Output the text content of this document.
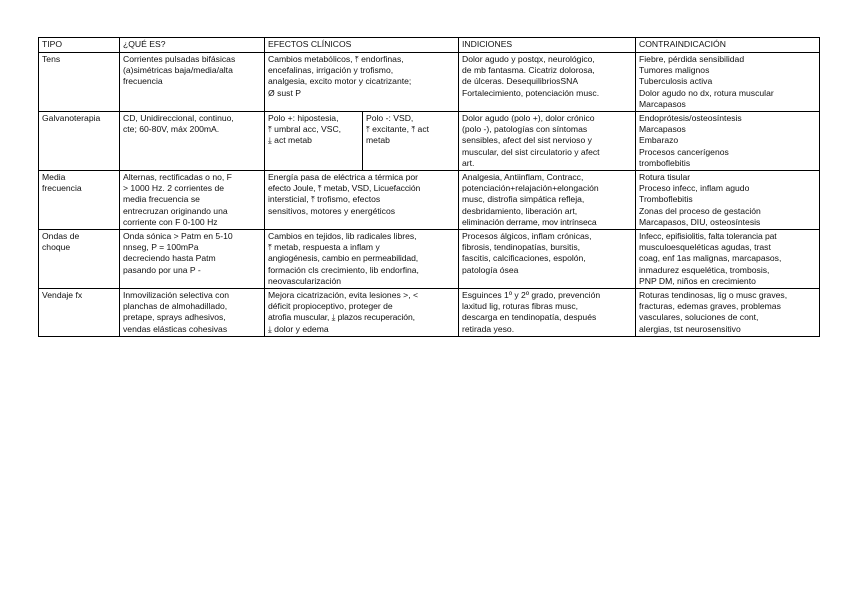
TIPO	¿QUÉ ES?	EFECTOS CLÍNICOS		INDICIONES	CONTRAINDICACIÓN
Tens	Corrientes pulsadas bifásicas
(a)simétricas baja/media/alta
frecuencia	Cambios metabólicos, ⤒ endorfinas,
encefalinas, irrigación y trofismo,
analgesia, excito motor y cicatrizante;
Ø sust P		Dolor agudo y postqx, neurológico,
de mb fantasma. Cicatriz dolorosa,
de úlceras. DesequilibriosSNA
Fortalecimiento, potenciación musc.	Fiebre, pérdida sensibilidad
Tumores malignos
Tuberculosis activa
Dolor agudo no dx, rotura muscular
Marcapasos

Galvanoterapia	CD, Unidireccional, continuo,
cte; 60-80V, máx 200mA.	Polo +: hipostesia,
⤒ umbral acc, VSC,
⤓ act metab	Polo -: VSD,
⤒ excitante, ⤒ act
metab	Dolor agudo (polo +), dolor crónico
(polo -), patologías con síntomas
sensibles, afect del sist nervioso y
muscular, del sist circulatorio y afect
art.	Endoprótesis/osteosíntesis
Marcapasos
Embarazo
Procesos cancerígenos
tromboflebitis

Media
frecuencia	Alternas, rectificadas o no, F
> 1000 Hz. 2 corrientes de
media frecuencia se
entrecruzan originando una
corriente con F 0-100 Hz	Energía pasa de eléctrica a térmica por
efecto Joule, ⤒ metab, VSD, Licuefacción
intersticial, ⤒ trofismo, efectos
sensitivos, motores y energéticos		Analgesia, Antiinflam, Contracc,
potenciación+relajación+elongación
musc, distrofia simpática refleja,
desbridamiento, liberación art,
eliminación derrame, mov intrínseca	Rotura tisular
Proceso infecc, inflam agudo
Tromboflebitis
Zonas del proceso de gestación
Marcapasos, DIU, osteosíntesis

Ondas de
choque	Onda sónica > Patm en 5-10
nnseg, P = 100mPa
decreciendo hasta Patm
pasando por una P -	Cambios en tejidos, lib radicales libres,
⤒ metab, respuesta a inflam y
angiogénesis, cambio en permeabilidad,
formación cls crecimiento, lib endorfina,
neovascularización		Procesos álgicos, inflam crónicas,
fibrosis, tendinopatías, bursitis,
fascitis, calcificaciones, espolón,
patología ósea	Infecc, epifisiolitis, falta tolerancia pat
musculoesqueléticas agudas, trast
coag, enf 1as malignas, marcapasos,
inmadurez esquelética, trombosis,
PNP DM, niños en crecimiento

Vendaje fx	Inmovilización selectiva con
planchas de almohadillado,
pretape, sprays adhesivos,
vendas elásticas cohesivas	Mejora cicatrización, evita lesiones >, <
déficit propioceptivo, proteger de
atrofia muscular, ⤓ plazos recuperación,
⤓ dolor y edema		Esguinces 1º y 2º grado, prevención
laxitud lig, roturas fibras musc,
descarga en tendinopatía, después
retirada yeso.	Roturas tendinosas, lig o musc graves,
fracturas, edemas graves, problemas
vasculares, soluciones de cont,
alergias, tst neurosensitivo
